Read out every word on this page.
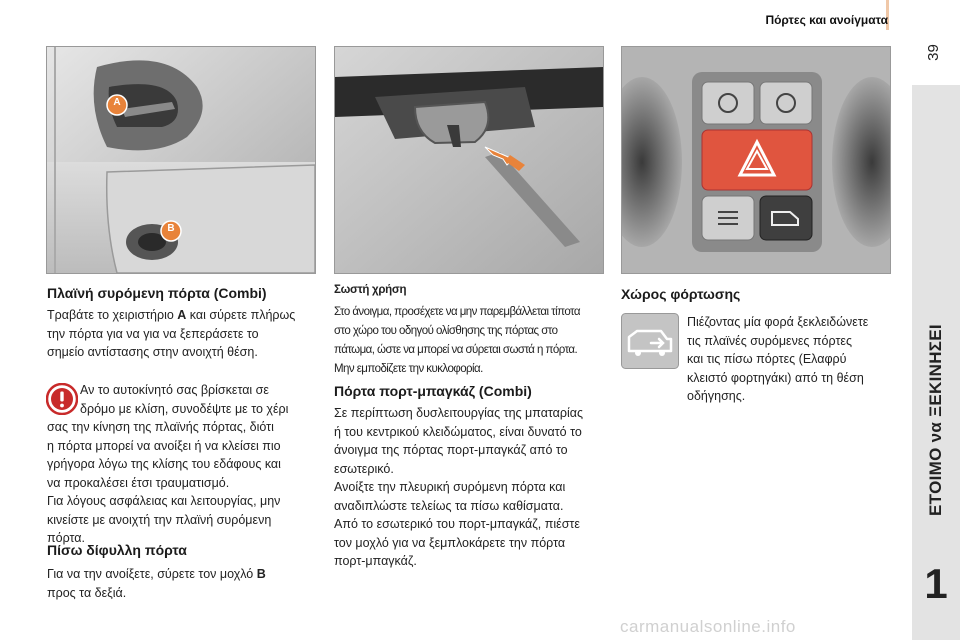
Πόρτες και ανοίγματα
39
ΕΤΟΙΜΟ να ΞΕΚΙΝΗΣΕΙ
1
A
B
Πλαϊνή συρόμενη πόρτα (Combi)
Τραβάτε το χειριστήριο A και σύρετε πλήρως
την πόρτα για να για να ξεπεράσετε το
σημείο αντίστασης στην ανοιχτή θέση.
Αν το αυτοκίνητό σας βρίσκεται σε
δρόμο με κλίση, συνοδέψτε με το χέρι
σας την κίνηση της πλαϊνής πόρτας, διότι
η πόρτα μπορεί να ανοίξει ή να κλείσει πιο
γρήγορα λόγω της κλίσης του εδάφους και
να προκαλέσει έτσι τραυματισμό.
Για λόγους ασφάλειας και λειτουργίας, μην
κινείστε με ανοιχτή την πλαϊνή συρόμενη
πόρτα.
Πίσω δίφυλλη πόρτα
Για να την ανοίξετε, σύρετε τον μοχλό B
προς τα δεξιά.
Σωστή χρήση
Στο άνοιγμα, προσέχετε να μην παρεμβάλλεται τίποτα
στο χώρο του οδηγού ολίσθησης της πόρτας στο
πάτωμα, ώστε να μπορεί να σύρεται σωστά η πόρτα.
Μην εμποδίζετε την κυκλοφορία.
Πόρτα πορτ-μπαγκάζ (Combi)
Σε περίπτωση δυσλειτουργίας της μπαταρίας
ή του κεντρικού κλειδώματος, είναι δυνατό το
άνοιγμα της πόρτας πορτ-μπαγκάζ από το
εσωτερικό.
Ανοίξτε την πλευρική συρόμενη πόρτα και
αναδιπλώστε τελείως τα πίσω καθίσματα.
Από το εσωτερικό του πορτ-μπαγκάζ, πιέστε
τον μοχλό για να ξεμπλοκάρετε την πόρτα
πορτ-μπαγκάζ.
Χώρος φόρτωσης
Πιέζοντας μία φορά ξεκλειδώνετε
τις πλαϊνές συρόμενες πόρτες
και τις πίσω πόρτες (Ελαφρύ
κλειστό φορτηγάκι) από τη θέση
οδήγησης.
carmanualsonline.info
